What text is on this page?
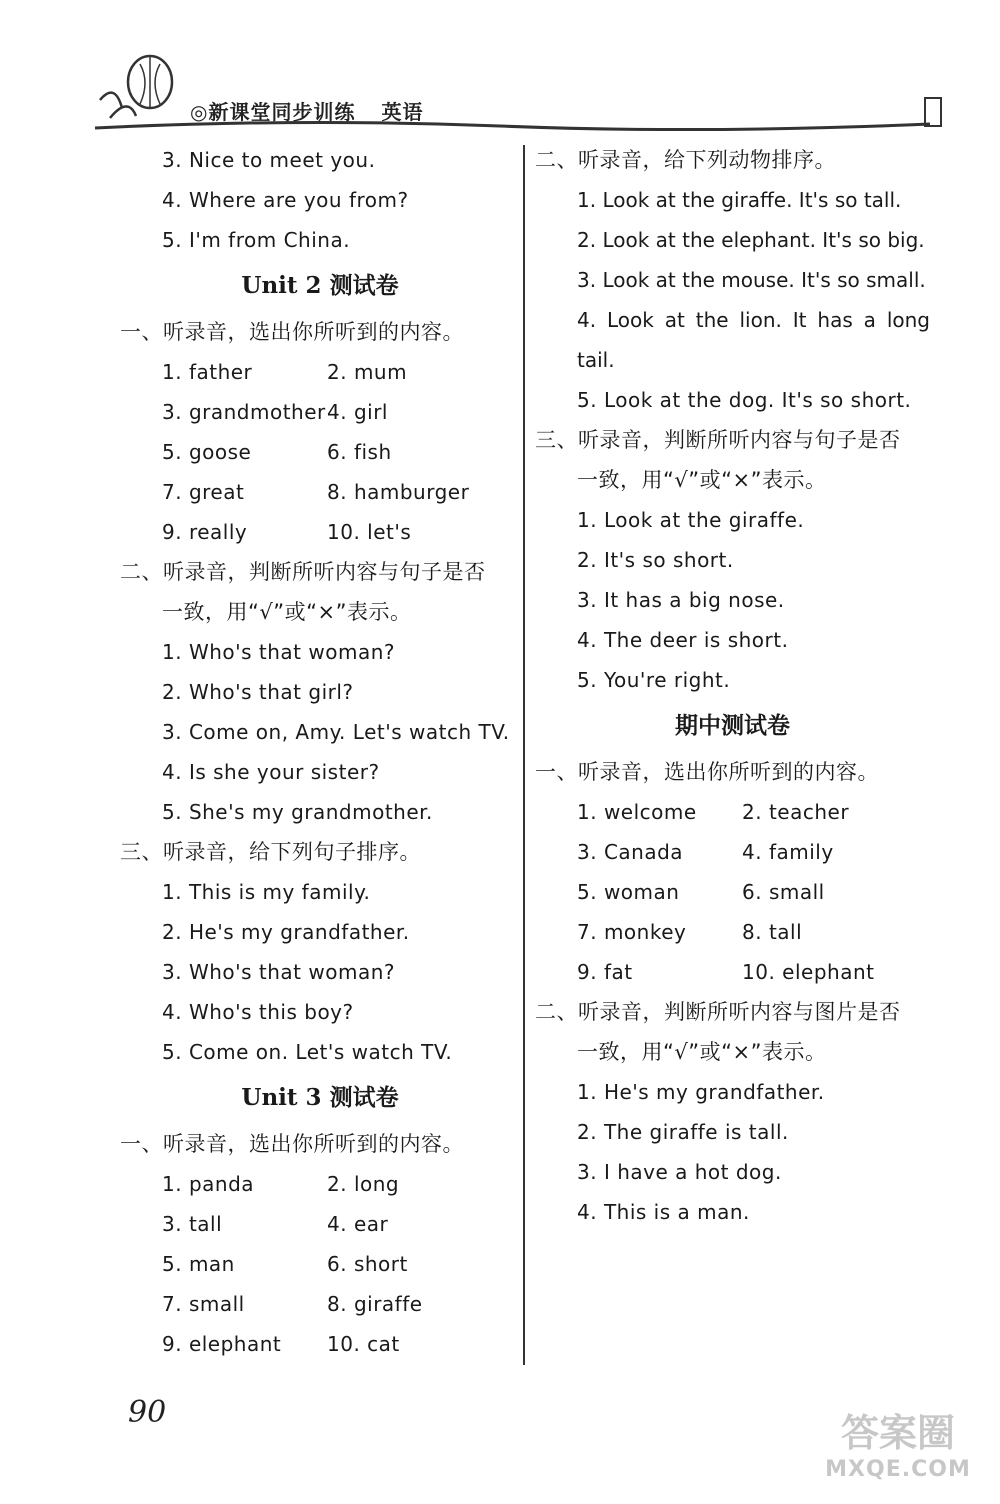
◎新课堂同步训练 英语
3. Nice to meet you.
4. Where are you from?
5. I'm from China.
Unit 2 测试卷
一、听录音，选出你所听到的内容。
1. father	2. mum
3. grandmother 4. girl
5. goose	6. fish
7. great	8. hamburger
9. really	10. let's
二、听录音，判断所听内容与句子是否
一致，用“√”或“×”表示。
1. Who's that woman?
2. Who's that girl?
3. Come on, Amy. Let's watch TV.
4. Is she your sister?
5. She's my grandmother.
三、听录音，给下列句子排序。
1. This is my family.
2. He's my grandfather.
3. Who's that woman?
4. Who's this boy?
5. Come on. Let's watch TV.
Unit 3 测试卷
一、听录音，选出你所听到的内容。
1. panda	2. long
3. tall	4. ear
5. man	6. short
7. small	8. giraffe
9. elephant	10. cat
二、听录音，给下列动物排序。
1. Look at the giraffe. It's so tall.
2. Look at the elephant. It's so big.
3. Look at the mouse. It's so small.
4. Look at the lion. It has a long tail.
5. Look at the dog. It's so short.
三、听录音，判断所听内容与句子是否
一致，用“√”或“×”表示。
1. Look at the giraffe.
2. It's so short.
3. It has a big nose.
4. The deer is short.
5. You're right.
期中测试卷
一、听录音，选出你所听到的内容。
1. welcome	2. teacher
3. Canada	4. family
5. woman	6. small
7. monkey	8. tall
9. fat	10. elephant
二、听录音，判断所听内容与图片是否
一致，用“√”或“×”表示。
1. He's my grandfather.
2. The giraffe is tall.
3. I have a hot dog.
4. This is a man.
90	答案圈
MXQE.COM
